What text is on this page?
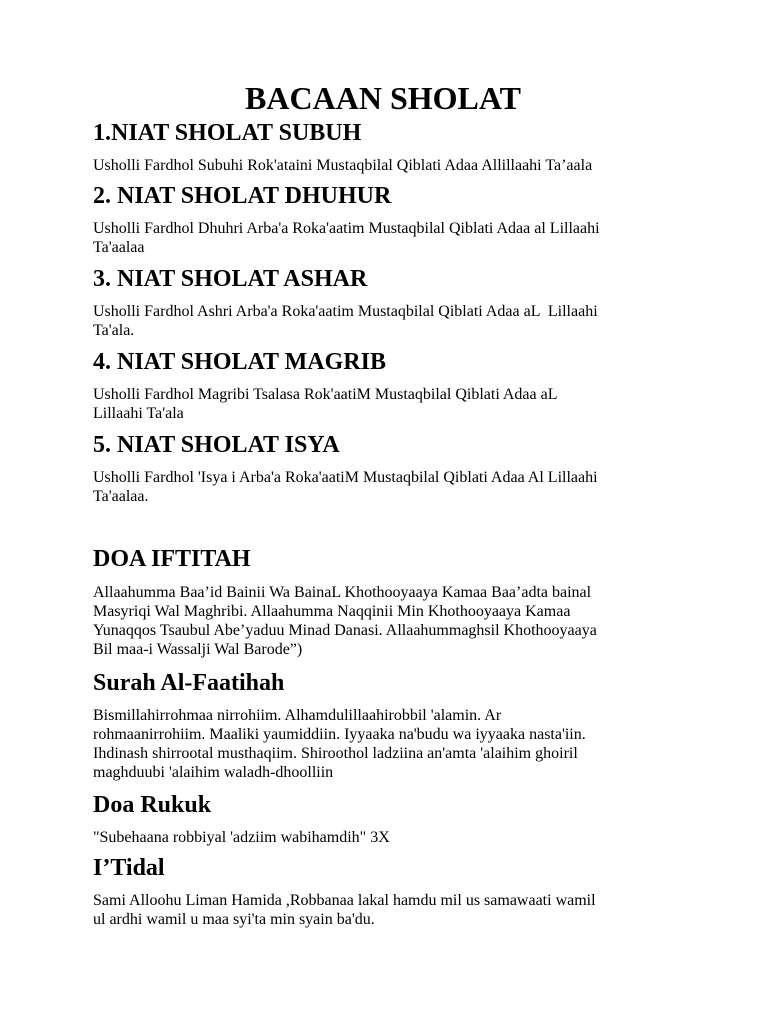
BACAAN SHOLAT
1.NIAT SHOLAT SUBUH

Usholli Fardhol Subuhi Rok'ataini Mustaqbilal Qiblati Adaa Allillaahi Ta’aala

2. NIAT SHOLAT DHUHUR

Usholli Fardhol Dhuhri Arba'a Roka'aatim Mustaqbilal Qiblati Adaa al Lillaahi
Ta'aalaa

3. NIAT SHOLAT ASHAR

Usholli Fardhol Ashri Arba'a Roka'aatim Mustaqbilal Qiblati Adaa aL  Lillaahi
Ta'ala.

4. NIAT SHOLAT MAGRIB

Usholli Fardhol Magribi Tsalasa Rok'aatiM Mustaqbilal Qiblati Adaa aL
Lillaahi Ta'ala

5. NIAT SHOLAT ISYA

Usholli Fardhol 'Isya i Arba'a Roka'aatiM Mustaqbilal Qiblati Adaa Al Lillaahi
Ta'aalaa.

DOA IFTITAH

Allaahumma Baa’id Bainii Wa BainaL Khothooyaaya Kamaa Baa’adta bainal
Masyriqi Wal Maghribi. Allaahumma Naqqinii Min Khothooyaaya Kamaa
Yunaqqos Tsaubul Abe’yaduu Minad Danasi. Allaahummaghsil Khothooyaaya
Bil maa-i Wassalji Wal Barode”)

Surah Al-Faatihah

Bismillahirrohmaa nirrohiim. Alhamdulillaahirobbil 'alamin. Ar
rohmaanirrohiim. Maaliki yaumiddiin. Iyyaaka na'budu wa iyyaaka nasta'iin.
Ihdinash shirrootal musthaqiim. Shiroothol ladziina an'amta 'alaihim ghoiril
maghduubi 'alaihim waladh-dhoolliin

Doa Rukuk

"Subehaana robbiyal 'adziim wabihamdih" 3X

I’Tidal

Sami Alloohu Liman Hamida ,Robbanaa lakal hamdu mil us samawaati wamil
ul ardhi wamil u maa syi'ta min syain ba'du.
